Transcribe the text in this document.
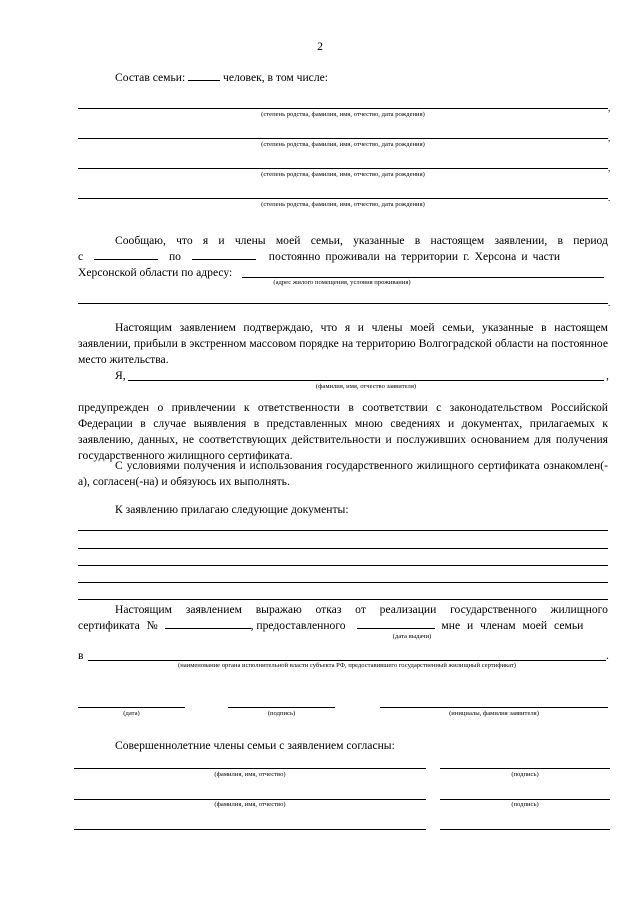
2
Состав семьи:	человек, в том числе:
,
(степень родства, фамилия, имя, отчество, дата рождения)
,
(степень родства, фамилия, имя, отчество, дата рождения)
,
(степень родства, фамилия, имя, отчество, дата рождения)
.
(степень родства, фамилия, имя, отчество, дата рождения)
Сообщаю, что я и члены моей семьи, указанные в настоящем заявлении, в период
с	по	постоянно проживали на территории г. Херсона и части
Херсонской области по адресу:
(адрес жилого помещения, условия проживания)
.
Настоящим заявлением подтверждаю, что я и члены моей семьи, указанные в настоящем заявлении, прибыли в экстренном массовом порядке на территорию Волгоградской области на постоянное место жительства.
Я,	,
(фамилия, имя, отчество заявителя)
предупрежден о привлечении к ответственности в соответствии с законодательством Российской Федерации в случае выявления в представленных мною сведениях и документах, прилагаемых к заявлению, данных, не соответствующих действительности и послуживших основанием для получения государственного жилищного сертификата.
С условиями получения и использования государственного жилищного сертификата ознакомлен(-а), согласен(-на) и обязуюсь их выполнять.
К заявлению прилагаю следующие документы:
Настоящим заявлением выражаю отказ от реализации государственного жилищного
сертификата №	, предоставленного	мне и членам моей семьи
(дата выдачи)
в	.
(наименование органа исполнительной власти субъекта РФ, предоставившего государственный жилищный сертификат)
(дата)	(подпись)	(инициалы, фамилия заявителя)
Совершеннолетние члены семьи с заявлением согласны:
(фамилия, имя, отчество)	(подпись)
(фамилия, имя, отчество)	(подпись)
